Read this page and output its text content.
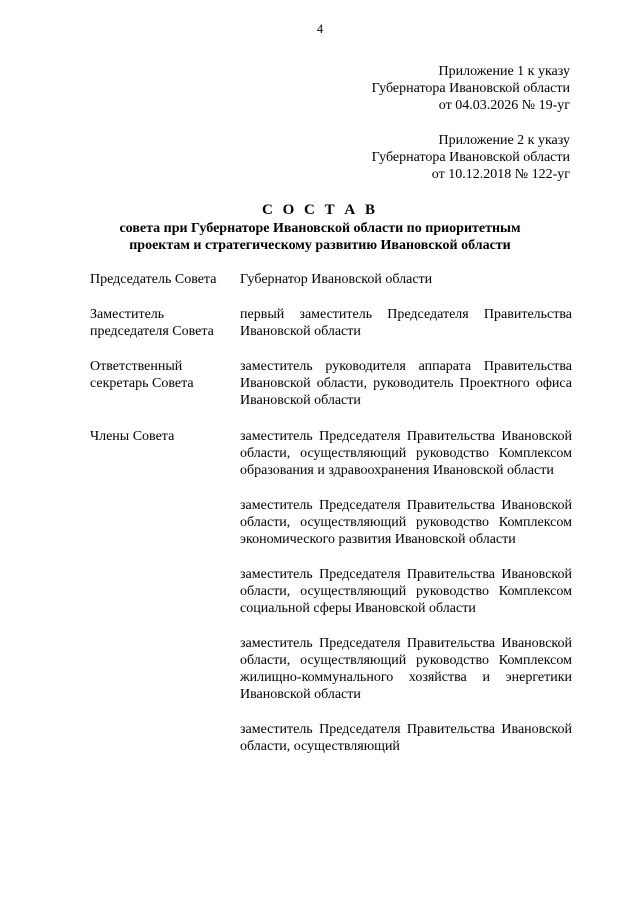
4
Приложение 1 к указу
Губернатора Ивановской области
от 04.03.2026 № 19-уг
Приложение 2 к указу
Губернатора Ивановской области
от 10.12.2018 № 122-уг
С О С Т А В
совета при Губернаторе Ивановской области по приоритетным
проектам и стратегическому развитию Ивановской области
Председатель Совета	Губернатор Ивановской области
Заместитель
председателя Совета
первый заместитель Председателя Правительства Ивановской области
Ответственный
секретарь Совета
заместитель руководителя аппарата Правительства Ивановской области, руководитель Проектного офиса Ивановской области
Члены Совета	заместитель Председателя Правительства Ивановской области, осуществляющий руководство Комплексом образования и здравоохранения Ивановской области
заместитель Председателя Правительства Ивановской области, осуществляющий руководство Комплексом экономического развития Ивановской области
заместитель Председателя Правительства Ивановской области, осуществляющий руководство Комплексом социальной сферы Ивановской области
заместитель Председателя Правительства Ивановской области, осуществляющий руководство Комплексом жилищно-коммунального хозяйства и энергетики Ивановской области
заместитель Председателя Правительства Ивановской области, осуществляющий
